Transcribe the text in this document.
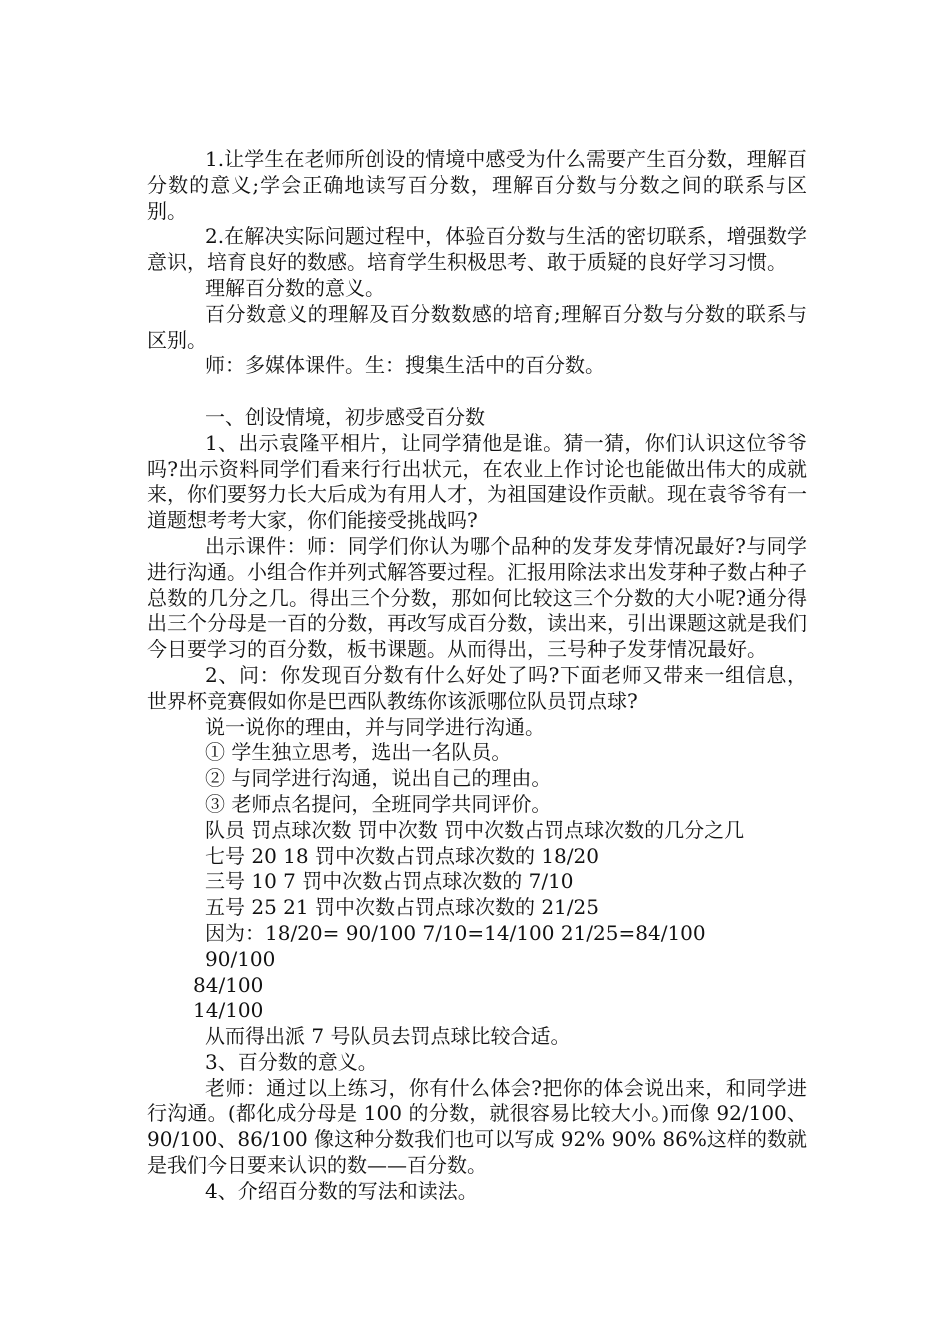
1.让学生在老师所创设的情境中感受为什么需要产生百分数，理解百分数的意义;学会正确地读写百分数，理解百分数与分数之间的联系与区别。

2.在解决实际问题过程中，体验百分数与生活的密切联系，增强数学意识，培育良好的数感。培育学生积极思考、敢于质疑的良好学习习惯。

理解百分数的意义。

百分数意义的理解及百分数数感的培育;理解百分数与分数的联系与区别。

师：多媒体课件。生：搜集生活中的百分数。

一、创设情境，初步感受百分数

1、出示袁隆平相片，让同学猜他是谁。猜一猜，你们认识这位爷爷吗?出示资料同学们看来行行出状元，在农业上作讨论也能做出伟大的成就来，你们要努力长大后成为有用人才，为祖国建设作贡献。现在袁爷爷有一道题想考考大家，你们能接受挑战吗?

出示课件：师：同学们你认为哪个品种的发芽发芽情况最好?与同学进行沟通。小组合作并列式解答要过程。汇报用除法求出发芽种子数占种子总数的几分之几。得出三个分数，那如何比较这三个分数的大小呢?通分得出三个分母是一百的分数，再改写成百分数，读出来，引出课题这就是我们今日要学习的百分数，板书课题。从而得出，三号种子发芽情况最好。

2、问：你发现百分数有什么好处了吗?下面老师又带来一组信息，世界杯竞赛假如你是巴西队教练你该派哪位队员罚点球?

说一说你的理由，并与同学进行沟通。

① 学生独立思考，选出一名队员。

② 与同学进行沟通，说出自己的理由。

③ 老师点名提问，全班同学共同评价。

队员 罚点球次数 罚中次数 罚中次数占罚点球次数的几分之几

七号 20 18 罚中次数占罚点球次数的 18/20

三号 10 7 罚中次数占罚点球次数的 7/10

五号 25 21 罚中次数占罚点球次数的 21/25

因为：18/20= 90/100 7/10=14/100 21/25=84/100

90/100

84/100

14/100

从而得出派 7 号队员去罚点球比较合适。

3、百分数的意义。

老师：通过以上练习，你有什么体会?把你的体会说出来，和同学进行沟通。(都化成分母是 100 的分数，就很容易比较大小。)而像 92/100、90/100、86/100 像这种分数我们也可以写成 92% 90% 86%这样的数就是我们今日要来认识的数——百分数。

4、介绍百分数的写法和读法。
